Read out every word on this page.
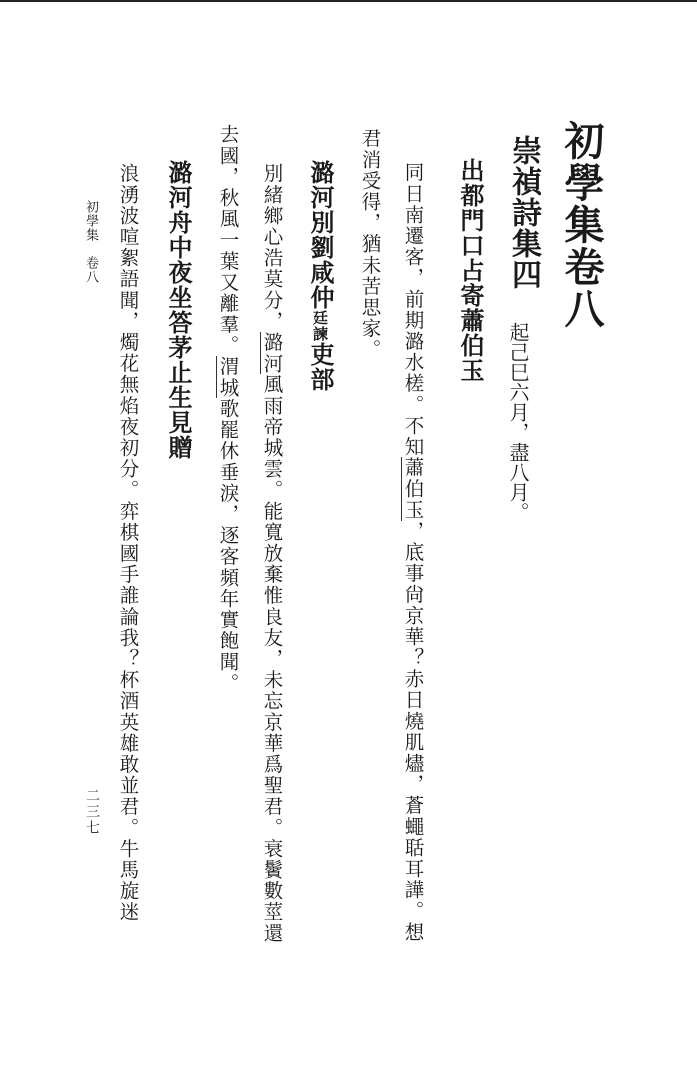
初學集卷八
崇禎詩集四
起己巳六月，盡八月。
出都門口占寄蕭伯玉
同日南遷客，前期潞水槎。不知蕭伯玉，底事尙京華？赤日燒肌燼，蒼蠅聒耳譁。想
君消受得，猶未苦思家。
潞河別劉咸仲廷諫吏部
別緒鄉心浩莫分，潞河風雨帝城雲。能寬放棄惟良友，未忘京華爲聖君。衰鬢數莖還
去國，秋風一葉又離羣。渭城歌罷休垂淚，逐客頻年實飽聞。
潞河舟中夜坐答茅止生見贈
浪湧波喧絮語聞，燭花無焰夜初分。弈棋國手誰論我？杯酒英雄敢並君。牛馬旋迷
初學集　卷八
二三七
